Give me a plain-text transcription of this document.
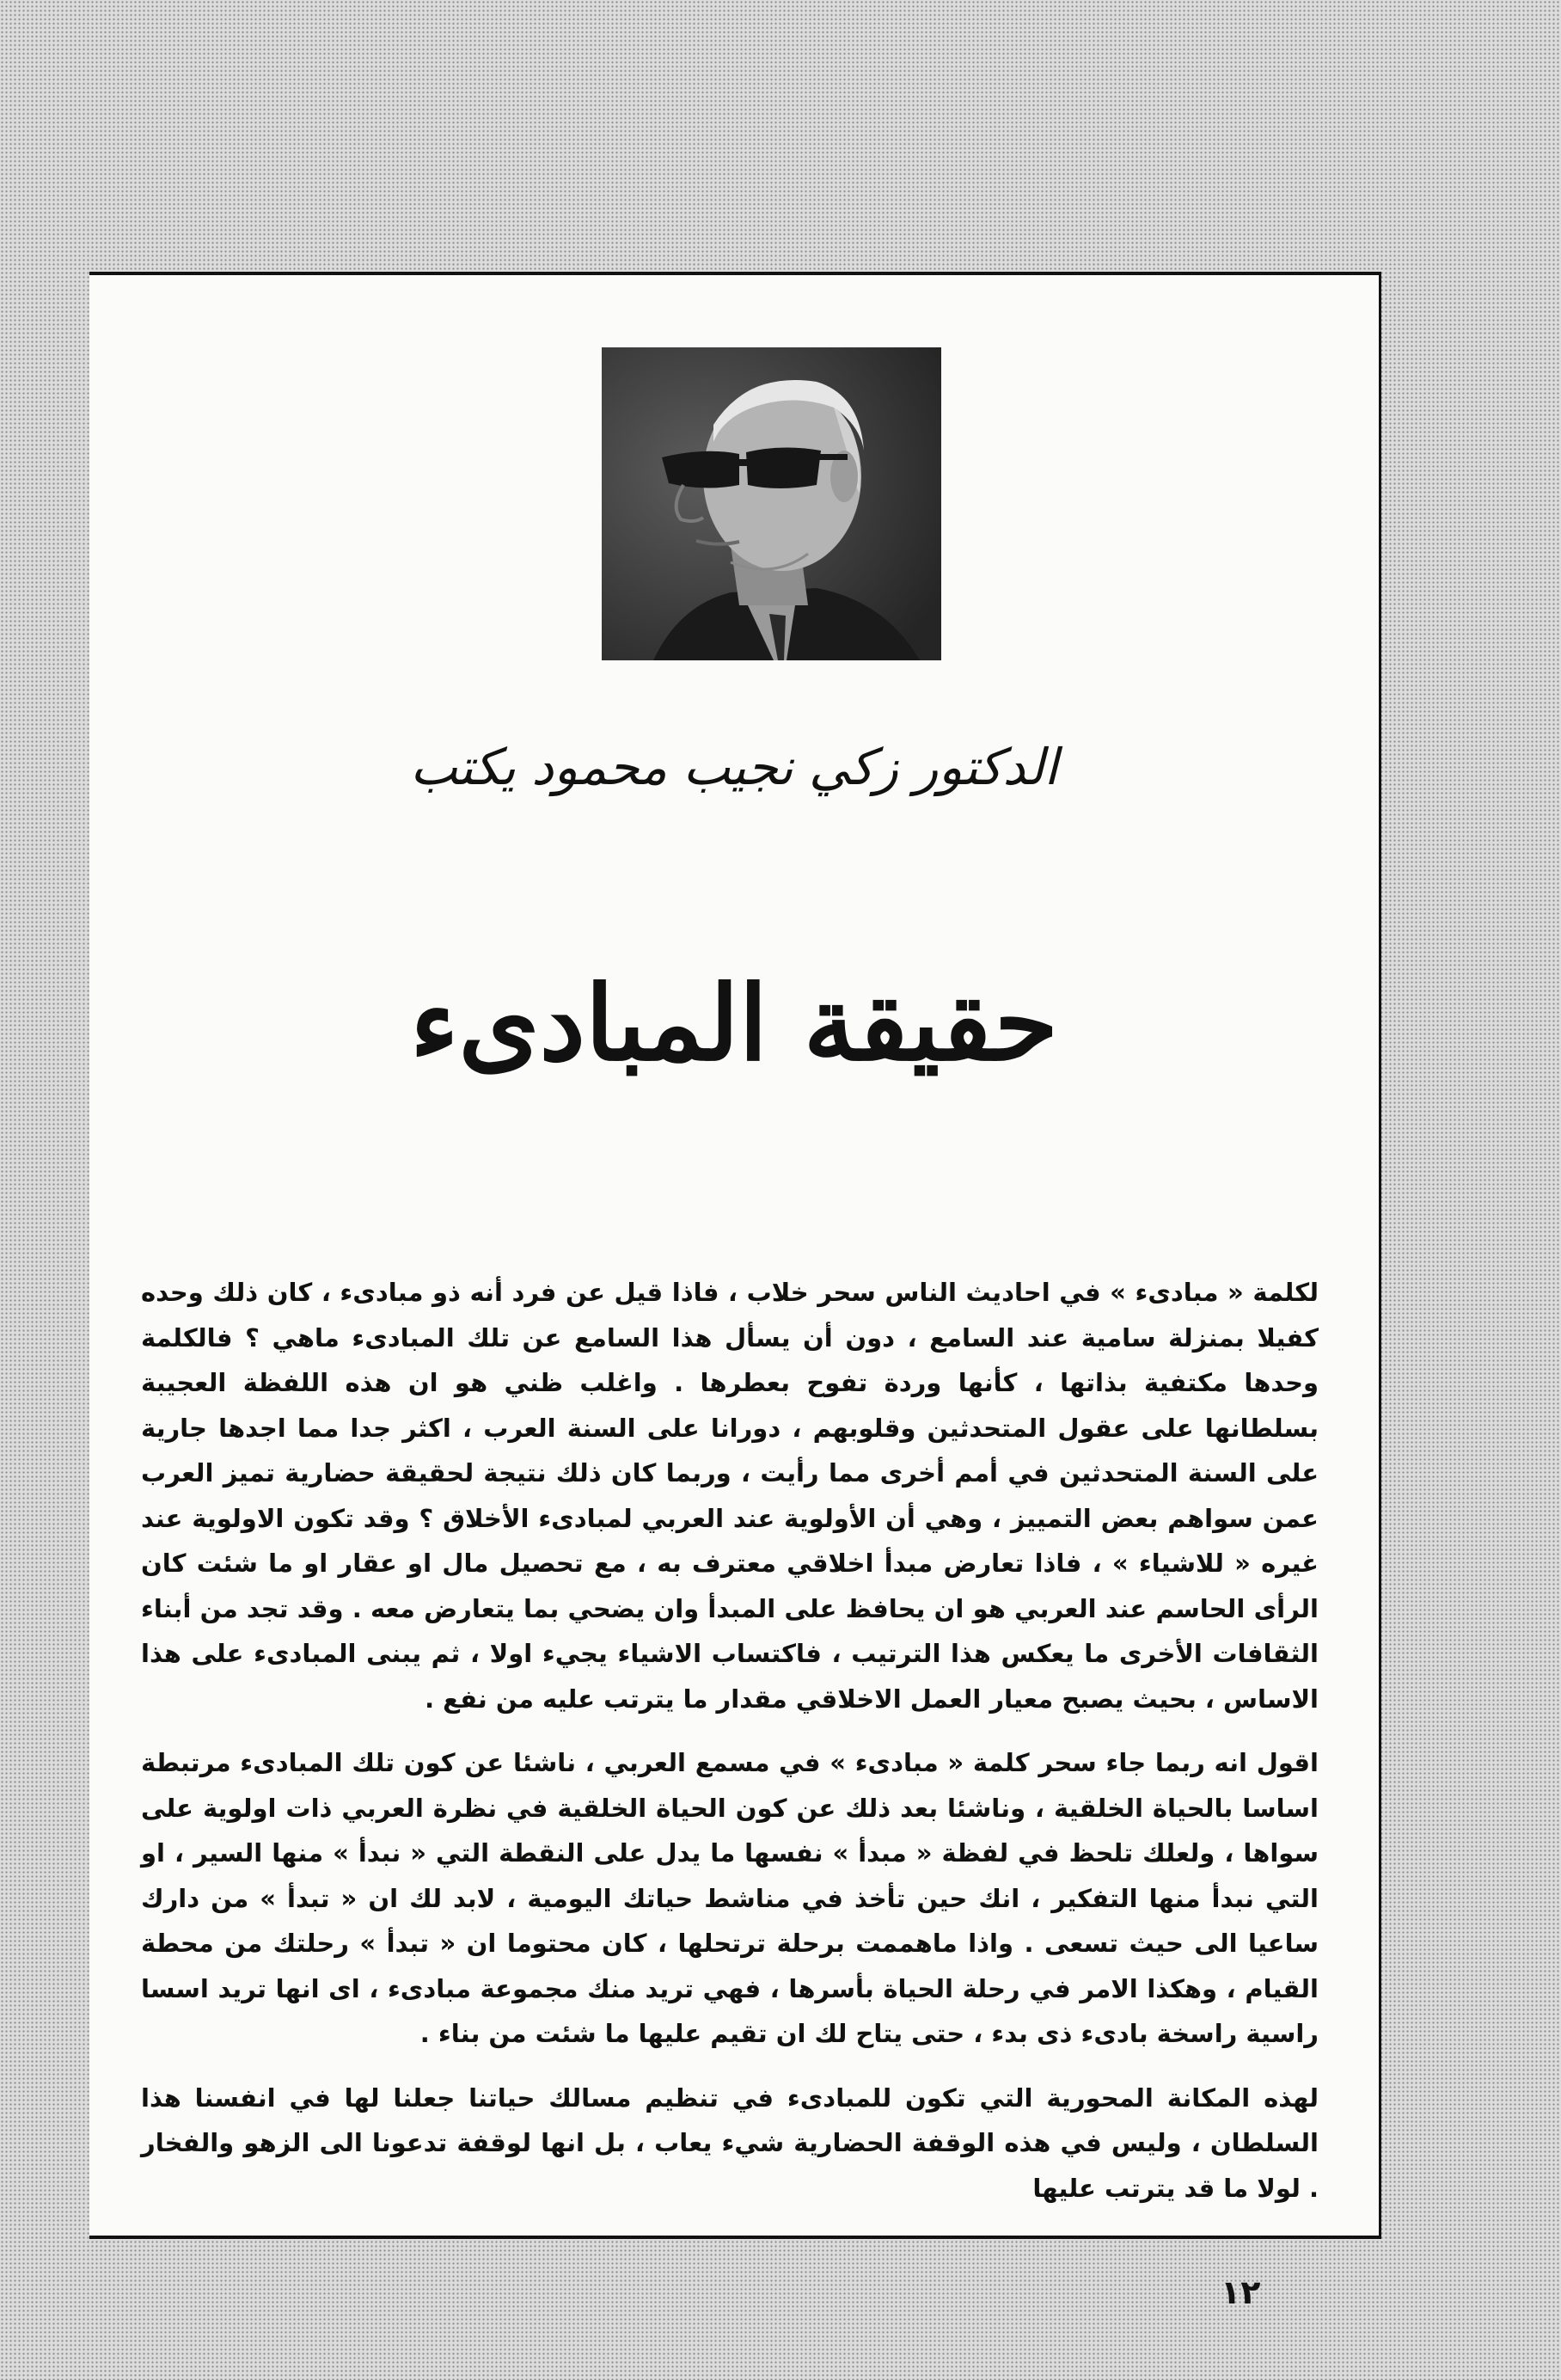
الدكتور زكي نجيب محمود يكتب
حقيقة المبادىء

لكلمة « مبادىء » في احاديث الناس سحر خلاب ، فاذا قيل عن فرد أنه ذو مبادىء ، كان ذلك وحده كفيلا بمنزلة سامية عند السامع ، دون أن يسأل هذا السامع عن تلك المبادىء ماهي ؟ فالكلمة وحدها مكتفية بذاتها ، كأنها وردة تفوح بعطرها . واغلب ظني هو ان هذه اللفظة العجيبة بسلطانها على عقول المتحدثين وقلوبهم ، دورانا على السنة العرب ، اكثر جدا مما اجدها جارية على السنة المتحدثين في أمم أخرى مما رأيت ، وربما كان ذلك نتيجة لحقيقة حضارية تميز العرب عمن سواهم بعض التمييز ، وهي أن الأولوية عند العربي لمبادىء الأخلاق ؟ وقد تكون الاولوية عند غيره « للاشياء » ، فاذا تعارض مبدأ اخلاقي معترف به ، مع تحصيل مال او عقار او ما شئت كان الرأى الحاسم عند العربي هو ان يحافظ على المبدأ وان يضحي بما يتعارض معه . وقد تجد من أبناء الثقافات الأخرى ما يعكس هذا الترتيب ، فاكتساب الاشياء يجيء اولا ، ثم يبنى المبادىء على هذا الاساس ، بحيث يصبح معيار العمل الاخلاقي مقدار ما يترتب عليه من نفع .

اقول انه ربما جاء سحر كلمة « مبادىء » في مسمع العربي ، ناشئا عن كون تلك المبادىء مرتبطة اساسا بالحياة الخلقية ، وناشئا بعد ذلك عن كون الحياة الخلقية في نظرة العربي ذات اولوية على سواها ، ولعلك تلحظ في لفظة « مبدأ » نفسها ما يدل على النقطة التي « نبدأ » منها السير ، او التي نبدأ منها التفكير ، انك حين تأخذ في مناشط حياتك اليومية ، لابد لك ان « تبدأ » من دارك ساعيا الى حيث تسعى . واذا ماهممت برحلة ترتحلها ، كان محتوما ان « تبدأ » رحلتك من محطة القيام ، وهكذا الامر في رحلة الحياة بأسرها ، فهي تريد منك مجموعة مبادىء ، اى انها تريد اسسا راسية راسخة بادىء ذى بدء ، حتى يتاح لك ان تقيم عليها ما شئت من بناء .

لهذه المكانة المحورية التي تكون للمبادىء في تنظيم مسالك حياتنا جعلنا لها في انفسنا هذا السلطان ، وليس في هذه الوقفة الحضارية شيء يعاب ، بل انها لوقفة تدعونا الى الزهو والفخار . لولا ما قد يترتب عليها

١٢
